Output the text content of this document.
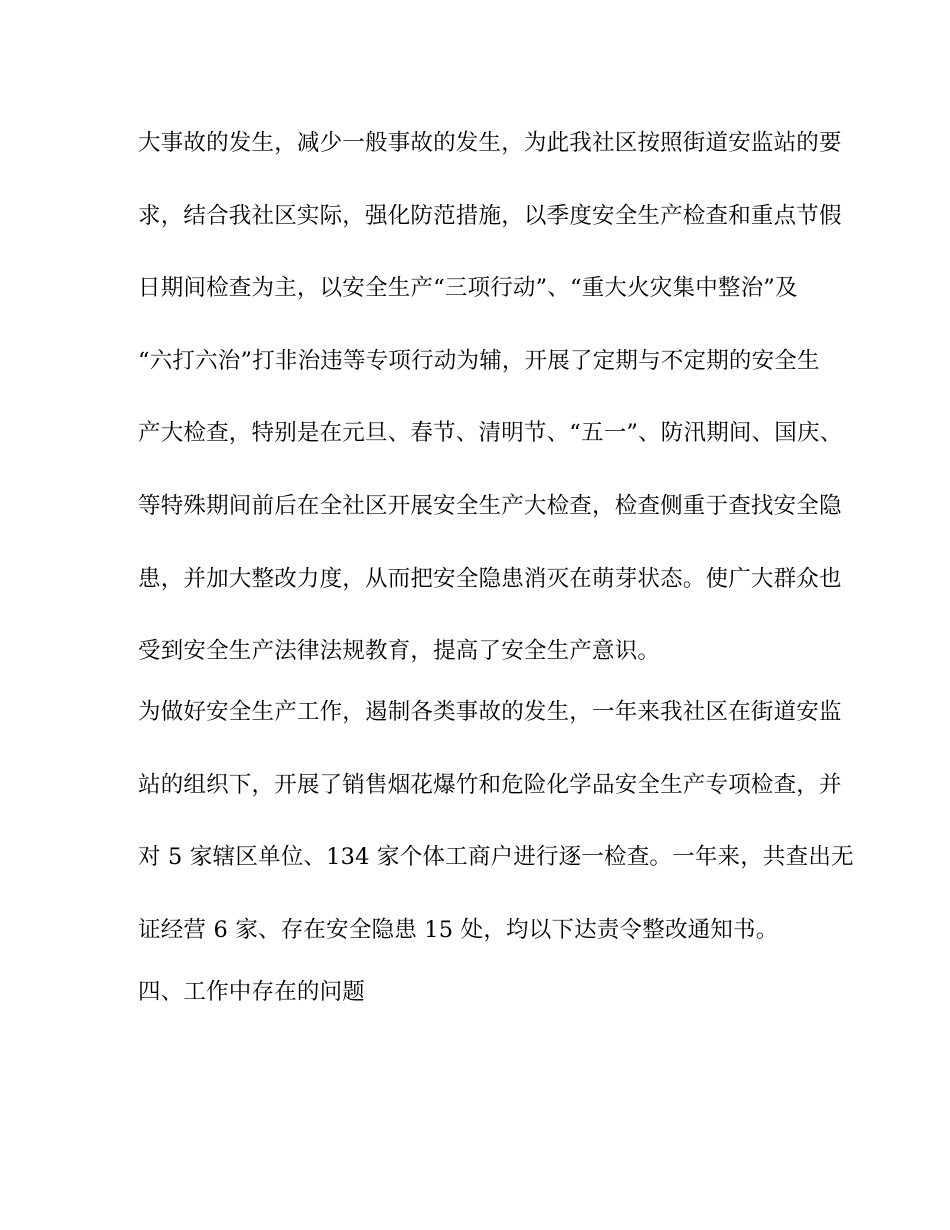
大事故的发生，减少一般事故的发生，为此我社区按照街道安监站的要
求，结合我社区实际，强化防范措施，以季度安全生产检查和重点节假
日期间检查为主，以安全生产“三项行动”、“重大火灾集中整治”及
“六打六治”打非治违等专项行动为辅，开展了定期与不定期的安全生
产大检查，特别是在元旦、春节、清明节、“五一”、防汛期间、国庆、
等特殊期间前后在全社区开展安全生产大检查，检查侧重于查找安全隐
患，并加大整改力度，从而把安全隐患消灭在萌芽状态。使广大群众也
受到安全生产法律法规教育，提高了安全生产意识。
为做好安全生产工作，遏制各类事故的发生，一年来我社区在街道安监
站的组织下，开展了销售烟花爆竹和危险化学品安全生产专项检查，并
对 5 家辖区单位、134 家个体工商户进行逐一检查。一年来，共查出无
证经营 6 家、存在安全隐患 15 处，均以下达责令整改通知书。
四、工作中存在的问题
